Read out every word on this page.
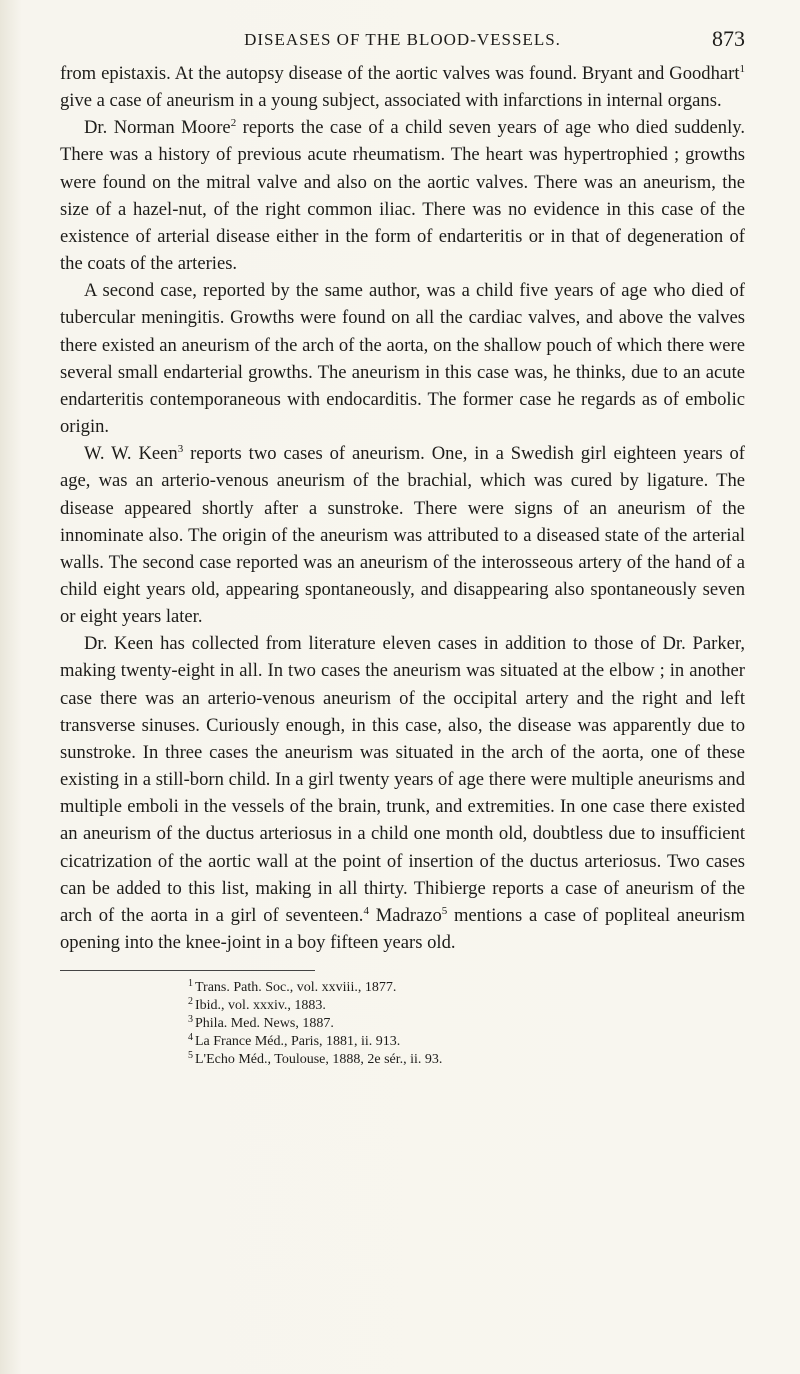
DISEASES OF THE BLOOD-VESSELS.	873

from epistaxis. At the autopsy disease of the aortic valves was found. Bryant and Goodhart$^1$ give a case of aneurism in a young subject, associated with infarctions in internal organs.

Dr. Norman Moore$^2$ reports the case of a child seven years of age who died suddenly. There was a history of previous acute rheumatism. The heart was hypertrophied ; growths were found on the mitral valve and also on the aortic valves. There was an aneurism, the size of a hazel-nut, of the right common iliac. There was no evidence in this case of the existence of arterial disease either in the form of endarteritis or in that of degeneration of the coats of the arteries.

A second case, reported by the same author, was a child five years of age who died of tubercular meningitis. Growths were found on all the cardiac valves, and above the valves there existed an aneurism of the arch of the aorta, on the shallow pouch of which there were several small endarterial growths. The aneurism in this case was, he thinks, due to an acute endarteritis contemporaneous with endocarditis. The former case he regards as of embolic origin.

W. W. Keen$^3$ reports two cases of aneurism. One, in a Swedish girl eighteen years of age, was an arterio-venous aneurism of the brachial, which was cured by ligature. The disease appeared shortly after a sunstroke. There were signs of an aneurism of the innominate also. The origin of the aneurism was attributed to a diseased state of the arterial walls. The second case reported was an aneurism of the interosseous artery of the hand of a child eight years old, appearing spontaneously, and disappearing also spontaneously seven or eight years later.

Dr. Keen has collected from literature eleven cases in addition to those of Dr. Parker, making twenty-eight in all. In two cases the aneurism was situated at the elbow ; in another case there was an arterio-venous aneurism of the occipital artery and the right and left transverse sinuses. Curiously enough, in this case, also, the disease was apparently due to sunstroke. In three cases the aneurism was situated in the arch of the aorta, one of these existing in a still-born child. In a girl twenty years of age there were multiple aneurisms and multiple emboli in the vessels of the brain, trunk, and extremities. In one case there existed an aneurism of the ductus arteriosus in a child one month old, doubtless due to insufficient cicatrization of the aortic wall at the point of insertion of the ductus arteriosus. Two cases can be added to this list, making in all thirty. Thibierge reports a case of aneurism of the arch of the aorta in a girl of seventeen.$^4$ Madrazo$^5$ mentions a case of popliteal aneurism opening into the knee-joint in a boy fifteen years old.

$^1$ Trans. Path. Soc., vol. xxviii., 1877.

$^2$ Ibid., vol. xxxiv., 1883.

$^3$ Phila. Med. News, 1887.

$^4$ La France Méd., Paris, 1881, ii. 913.

$^5$ L'Echo Méd., Toulouse, 1888, 2e sér., ii. 93.
